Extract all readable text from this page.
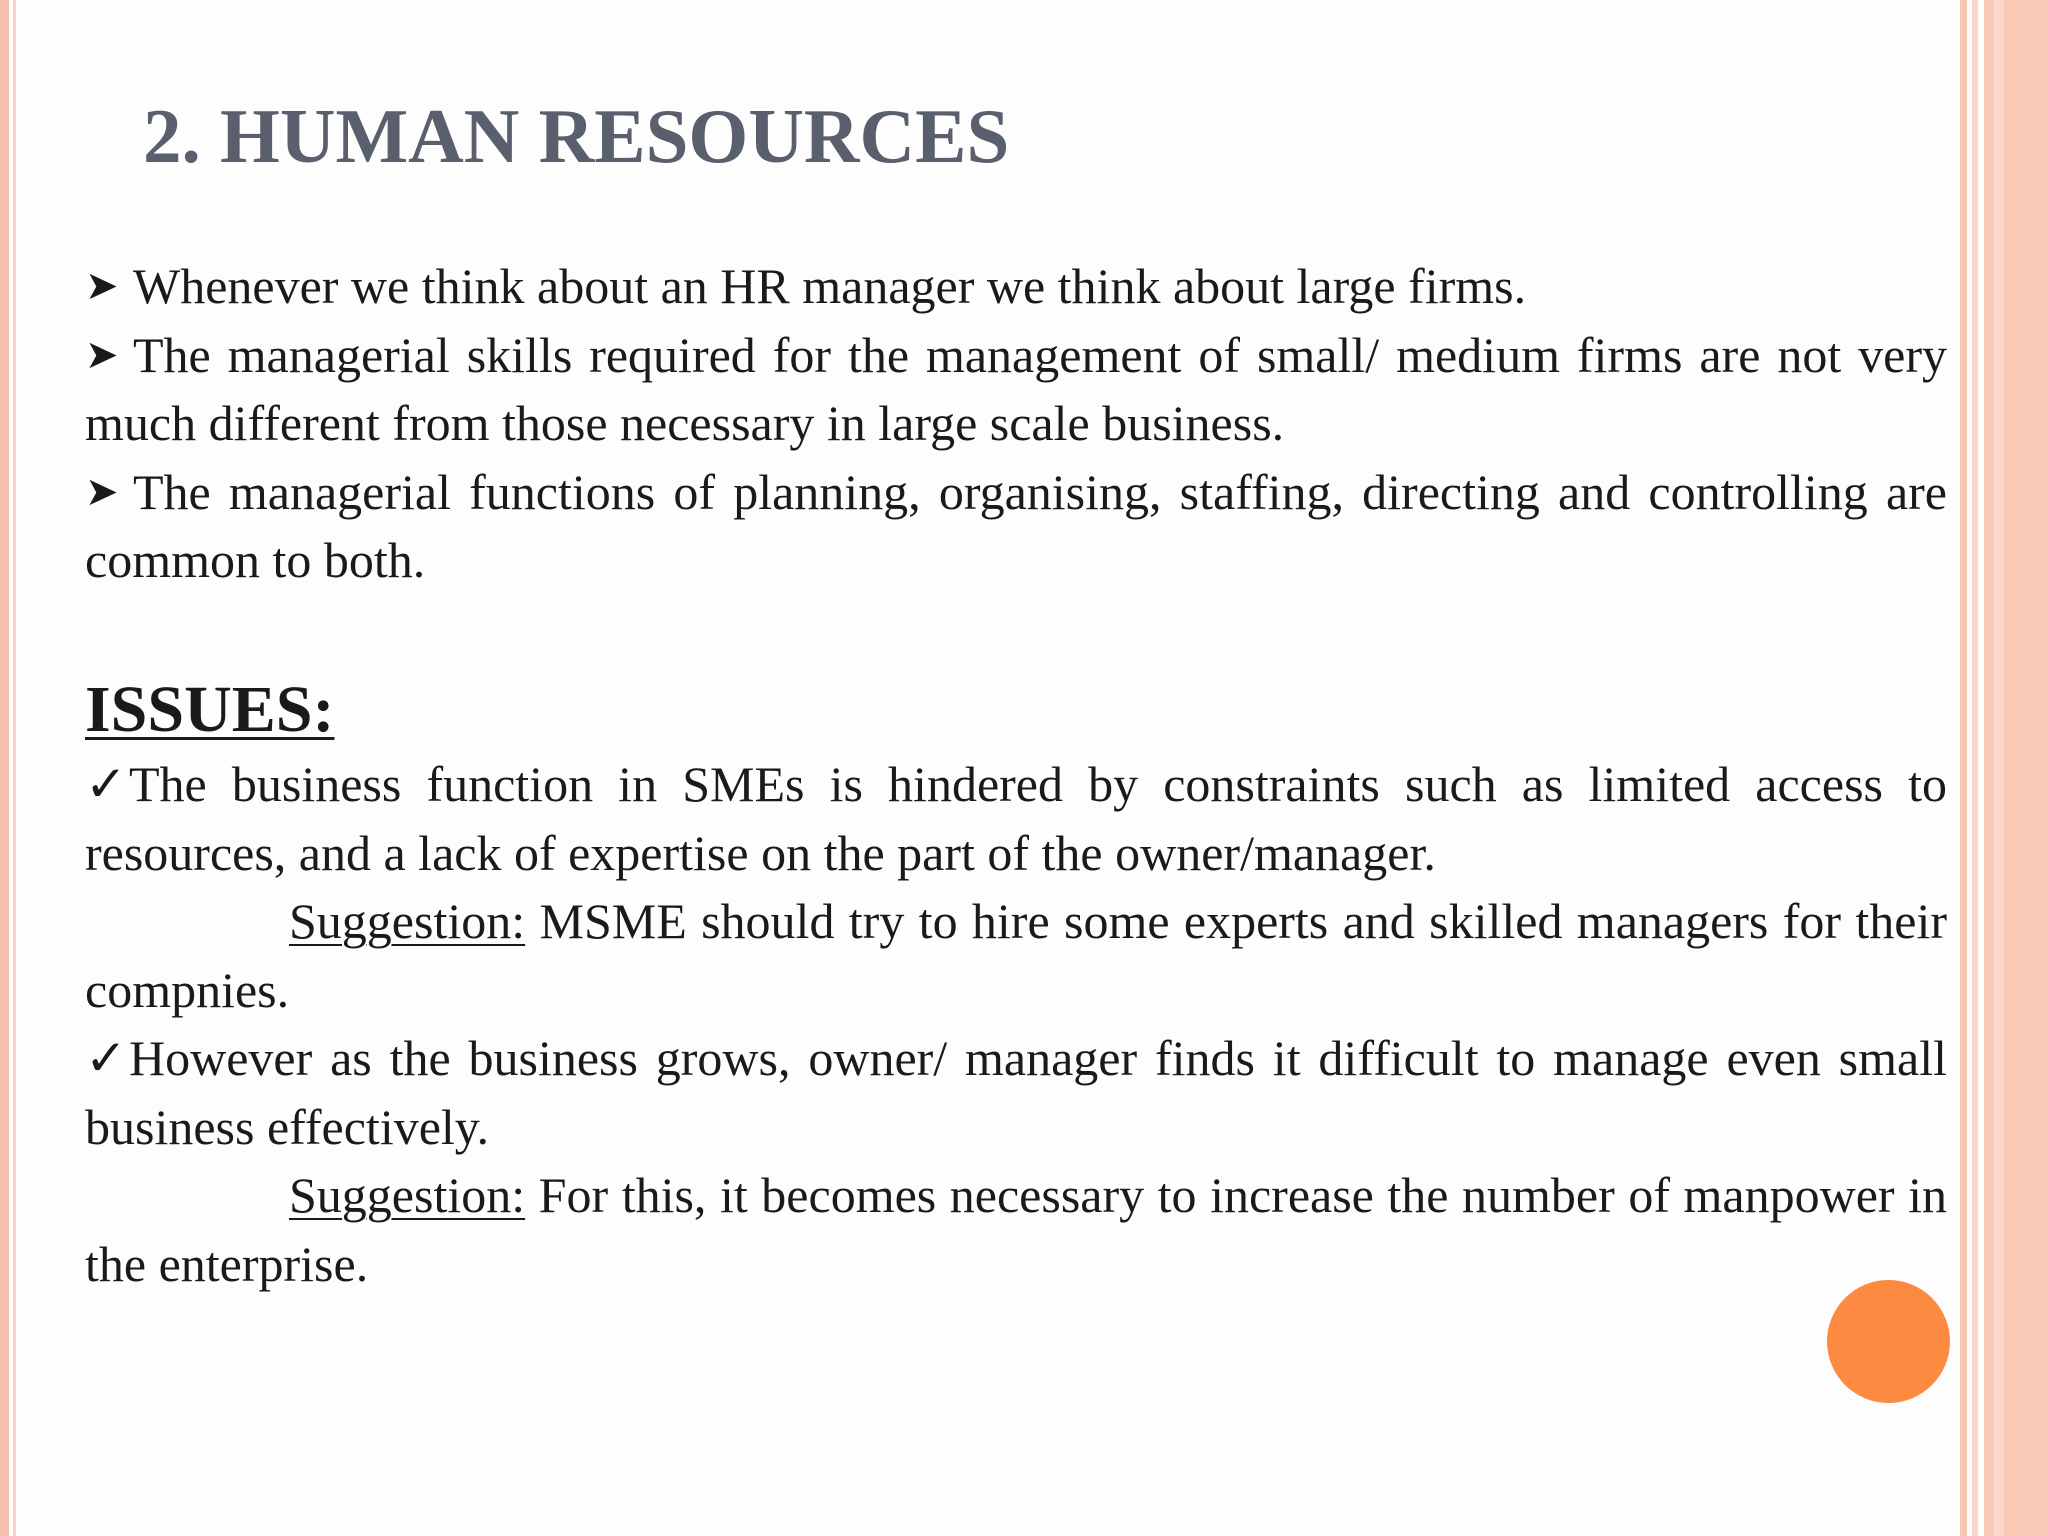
2. HUMAN RESOURCES

➤ Whenever we think about an HR manager we think about large firms.

➤ The managerial skills required for the management of small/ medium firms are not very much different from those necessary in large scale business.

➤ The managerial functions of planning, organising, staffing, directing and controlling are common to both.

ISSUES:

✓The business function in SMEs is hindered by constraints such as limited access to resources, and a lack of expertise on the part of the owner/manager.

Suggestion: MSME should try to hire some experts and skilled managers for their compnies.

✓However as the business grows, owner/ manager finds it difficult to manage even small business effectively.

Suggestion: For this, it becomes necessary to increase the number of manpower in the enterprise.
